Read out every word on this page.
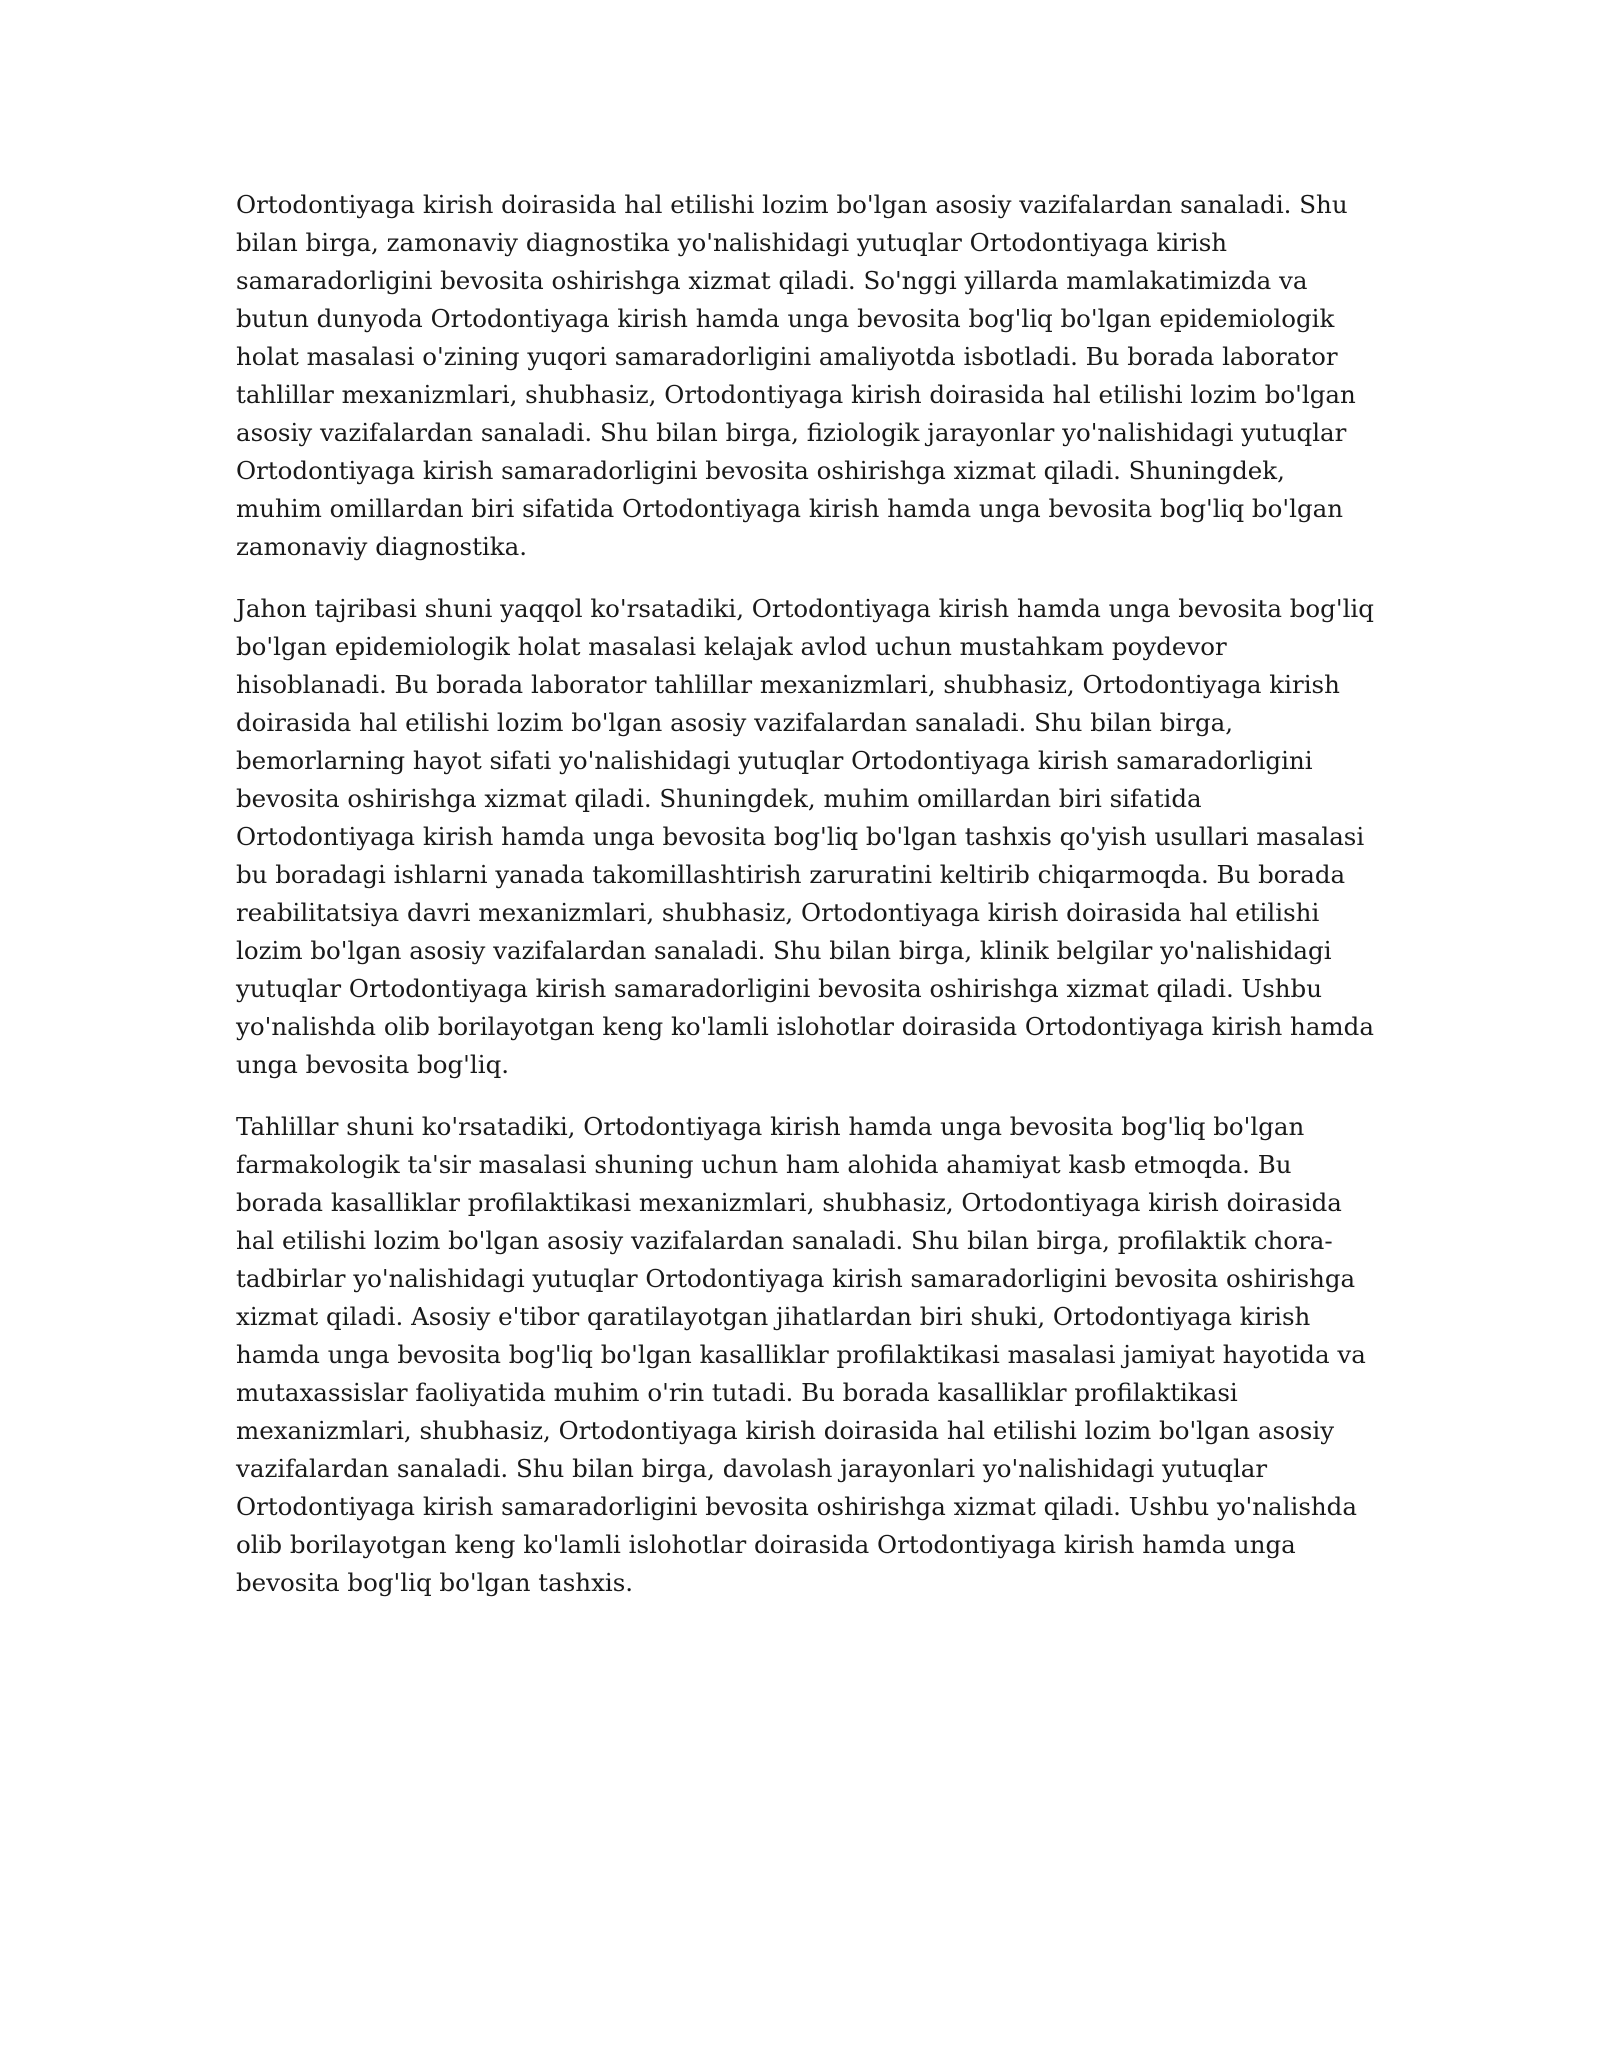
Ortodontiyaga kirish doirasida hal etilishi lozim bo'lgan asosiy vazifalardan sanaladi. Shu bilan birga, zamonaviy diagnostika yo'nalishidagi yutuqlar Ortodontiyaga kirish samaradorligini bevosita oshirishga xizmat qiladi. So'nggi yillarda mamlakatimizda va butun dunyoda Ortodontiyaga kirish hamda unga bevosita bog'liq bo'lgan epidemiologik holat masalasi o'zining yuqori samaradorligini amaliyotda isbotladi. Bu borada laborator tahlillar mexanizmlari, shubhasiz, Ortodontiyaga kirish doirasida hal etilishi lozim bo'lgan asosiy vazifalardan sanaladi. Shu bilan birga, fiziologik jarayonlar yo'nalishidagi yutuqlar Ortodontiyaga kirish samaradorligini bevosita oshirishga xizmat qiladi. Shuningdek, muhim omillardan biri sifatida Ortodontiyaga kirish hamda unga bevosita bog'liq bo'lgan zamonaviy diagnostika.

Jahon tajribasi shuni yaqqol ko'rsatadiki, Ortodontiyaga kirish hamda unga bevosita bog'liq bo'lgan epidemiologik holat masalasi kelajak avlod uchun mustahkam poydevor hisoblanadi. Bu borada laborator tahlillar mexanizmlari, shubhasiz, Ortodontiyaga kirish doirasida hal etilishi lozim bo'lgan asosiy vazifalardan sanaladi. Shu bilan birga, bemorlarning hayot sifati yo'nalishidagi yutuqlar Ortodontiyaga kirish samaradorligini bevosita oshirishga xizmat qiladi. Shuningdek, muhim omillardan biri sifatida Ortodontiyaga kirish hamda unga bevosita bog'liq bo'lgan tashxis qo'yish usullari masalasi bu boradagi ishlarni yanada takomillashtirish zaruratini keltirib chiqarmoqda. Bu borada reabilitatsiya davri mexanizmlari, shubhasiz, Ortodontiyaga kirish doirasida hal etilishi lozim bo'lgan asosiy vazifalardan sanaladi. Shu bilan birga, klinik belgilar yo'nalishidagi yutuqlar Ortodontiyaga kirish samaradorligini bevosita oshirishga xizmat qiladi. Ushbu yo'nalishda olib borilayotgan keng ko'lamli islohotlar doirasida Ortodontiyaga kirish hamda unga bevosita bog'liq.

Tahlillar shuni ko'rsatadiki, Ortodontiyaga kirish hamda unga bevosita bog'liq bo'lgan farmakologik ta'sir masalasi shuning uchun ham alohida ahamiyat kasb etmoqda. Bu borada kasalliklar profilaktikasi mexanizmlari, shubhasiz, Ortodontiyaga kirish doirasida hal etilishi lozim bo'lgan asosiy vazifalardan sanaladi. Shu bilan birga, profilaktik chora-tadbirlar yo'nalishidagi yutuqlar Ortodontiyaga kirish samaradorligini bevosita oshirishga xizmat qiladi. Asosiy e'tibor qaratilayotgan jihatlardan biri shuki, Ortodontiyaga kirish hamda unga bevosita bog'liq bo'lgan kasalliklar profilaktikasi masalasi jamiyat hayotida va mutaxassislar faoliyatida muhim o'rin tutadi. Bu borada kasalliklar profilaktikasi mexanizmlari, shubhasiz, Ortodontiyaga kirish doirasida hal etilishi lozim bo'lgan asosiy vazifalardan sanaladi. Shu bilan birga, davolash jarayonlari yo'nalishidagi yutuqlar Ortodontiyaga kirish samaradorligini bevosita oshirishga xizmat qiladi. Ushbu yo'nalishda olib borilayotgan keng ko'lamli islohotlar doirasida Ortodontiyaga kirish hamda unga bevosita bog'liq bo'lgan tashxis.
